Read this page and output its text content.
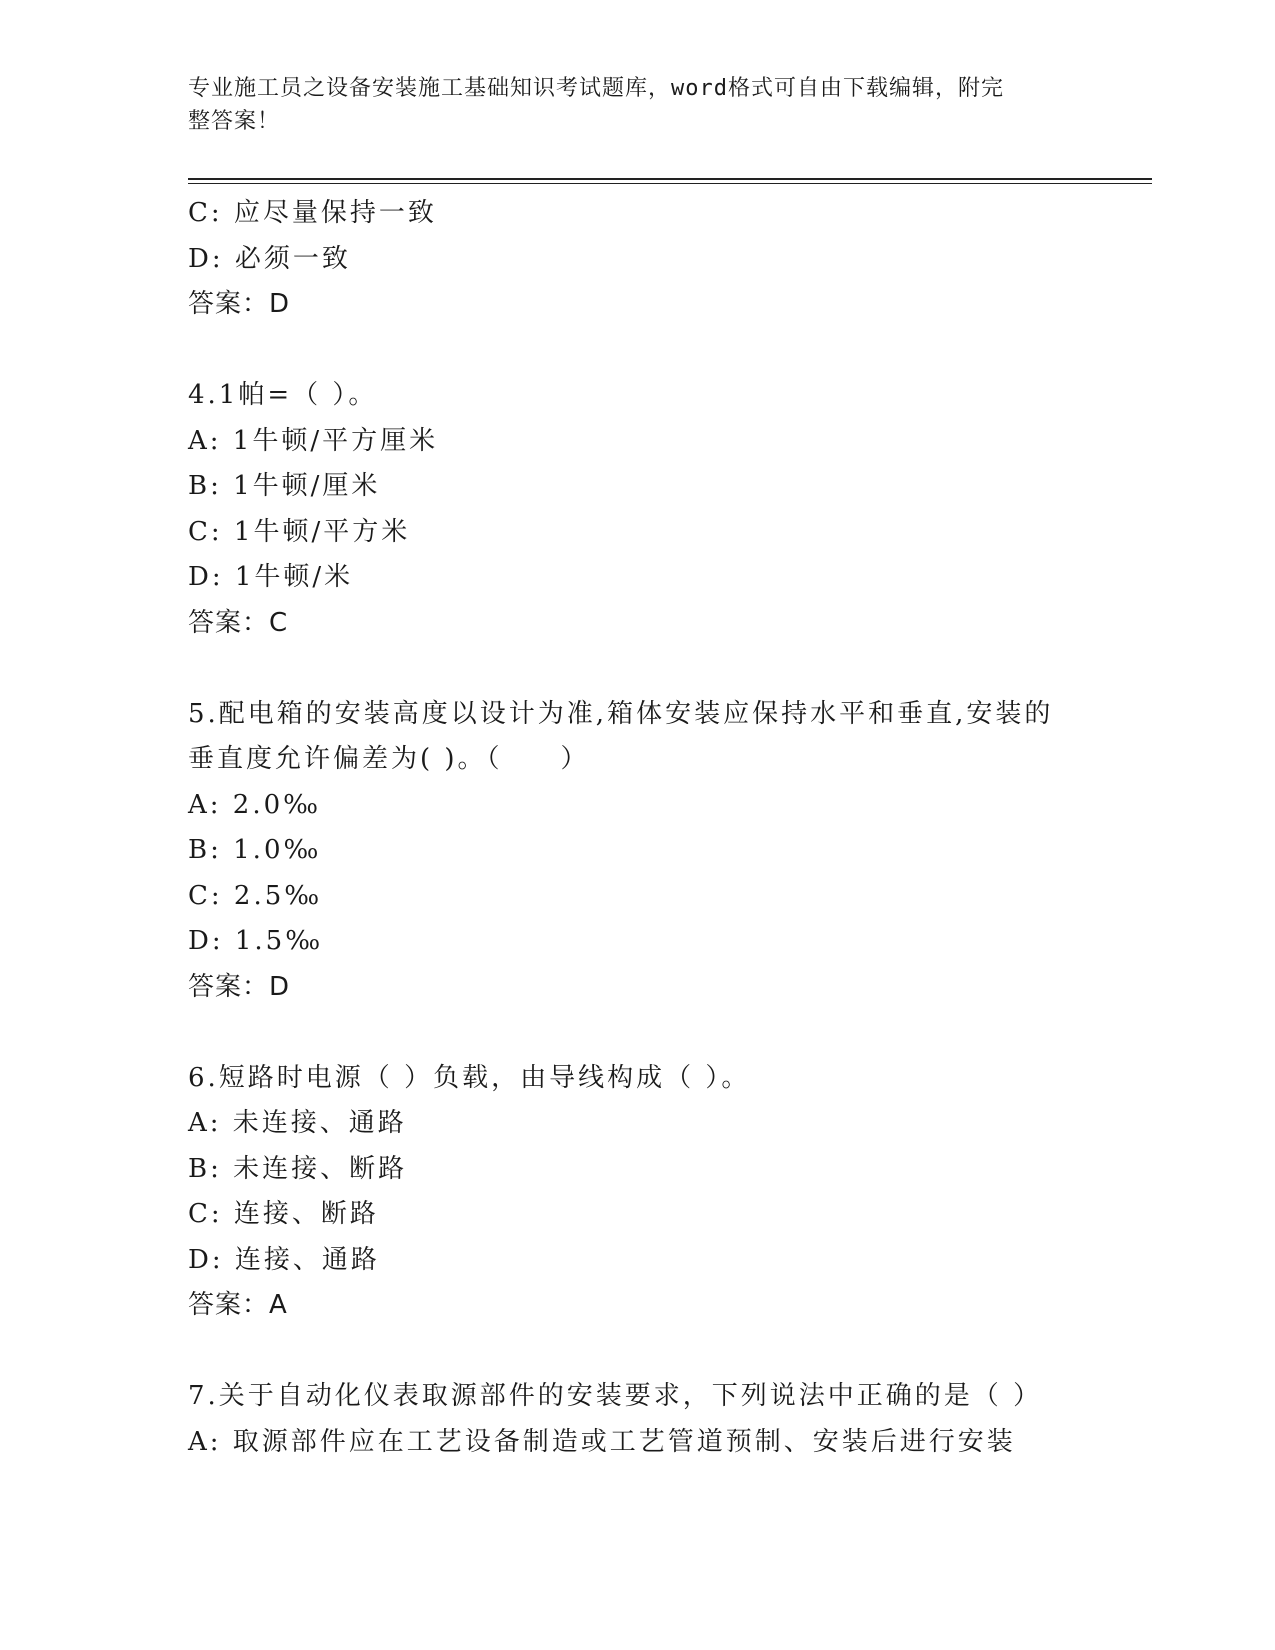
专业施工员之设备安装施工基础知识考试题库，word格式可自由下载编辑，附完
整答案！
C: 应尽量保持一致
D: 必须一致
答案：D
4.1帕=（ ）。
A: 1牛顿/平方厘米
B: 1牛顿/厘米
C: 1牛顿/平方米
D: 1牛顿/米
答案：C
5.配电箱的安装高度以设计为准,箱体安装应保持水平和垂直,安装的
垂直度允许偏差为( )。（　　）
A: 2.0‰
B: 1.0‰
C: 2.5‰
D: 1.5‰
答案：D
6.短路时电源（ ）负载，由导线构成（ ）。
A: 未连接、通路
B: 未连接、断路
C: 连接、断路
D: 连接、通路
答案：A
7.关于自动化仪表取源部件的安装要求，下列说法中正确的是（ ）
A: 取源部件应在工艺设备制造或工艺管道预制、安装后进行安装
